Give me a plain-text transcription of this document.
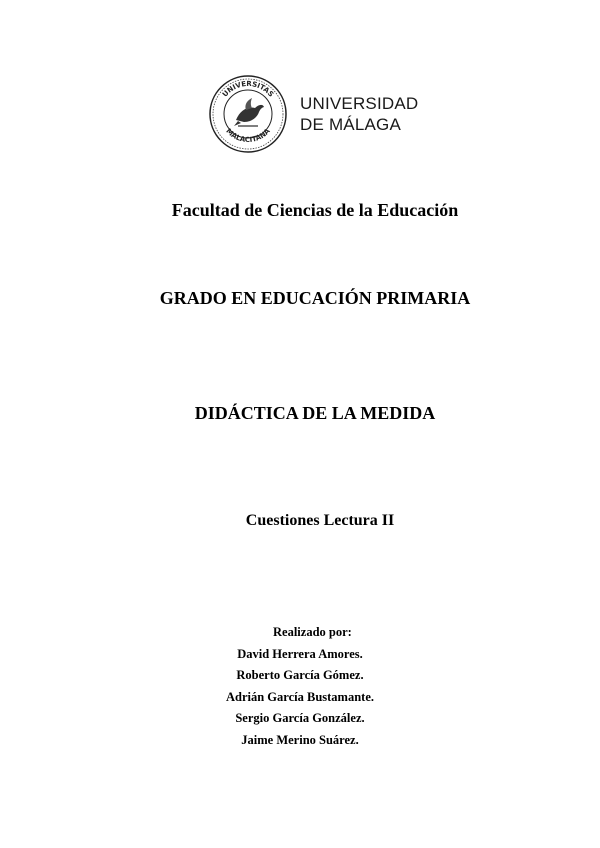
UNIVERSITAS
MALACITANA
UNIVERSIDAD
DE MÁLAGA
Facultad de Ciencias de la Educación
GRADO EN EDUCACIÓN PRIMARIA
DIDÁCTICA DE LA MEDIDA
Cuestiones Lectura II
Realizado por:
David Herrera Amores.
Roberto García Gómez.
Adrián García Bustamante.
Sergio García González.
Jaime Merino Suárez.
